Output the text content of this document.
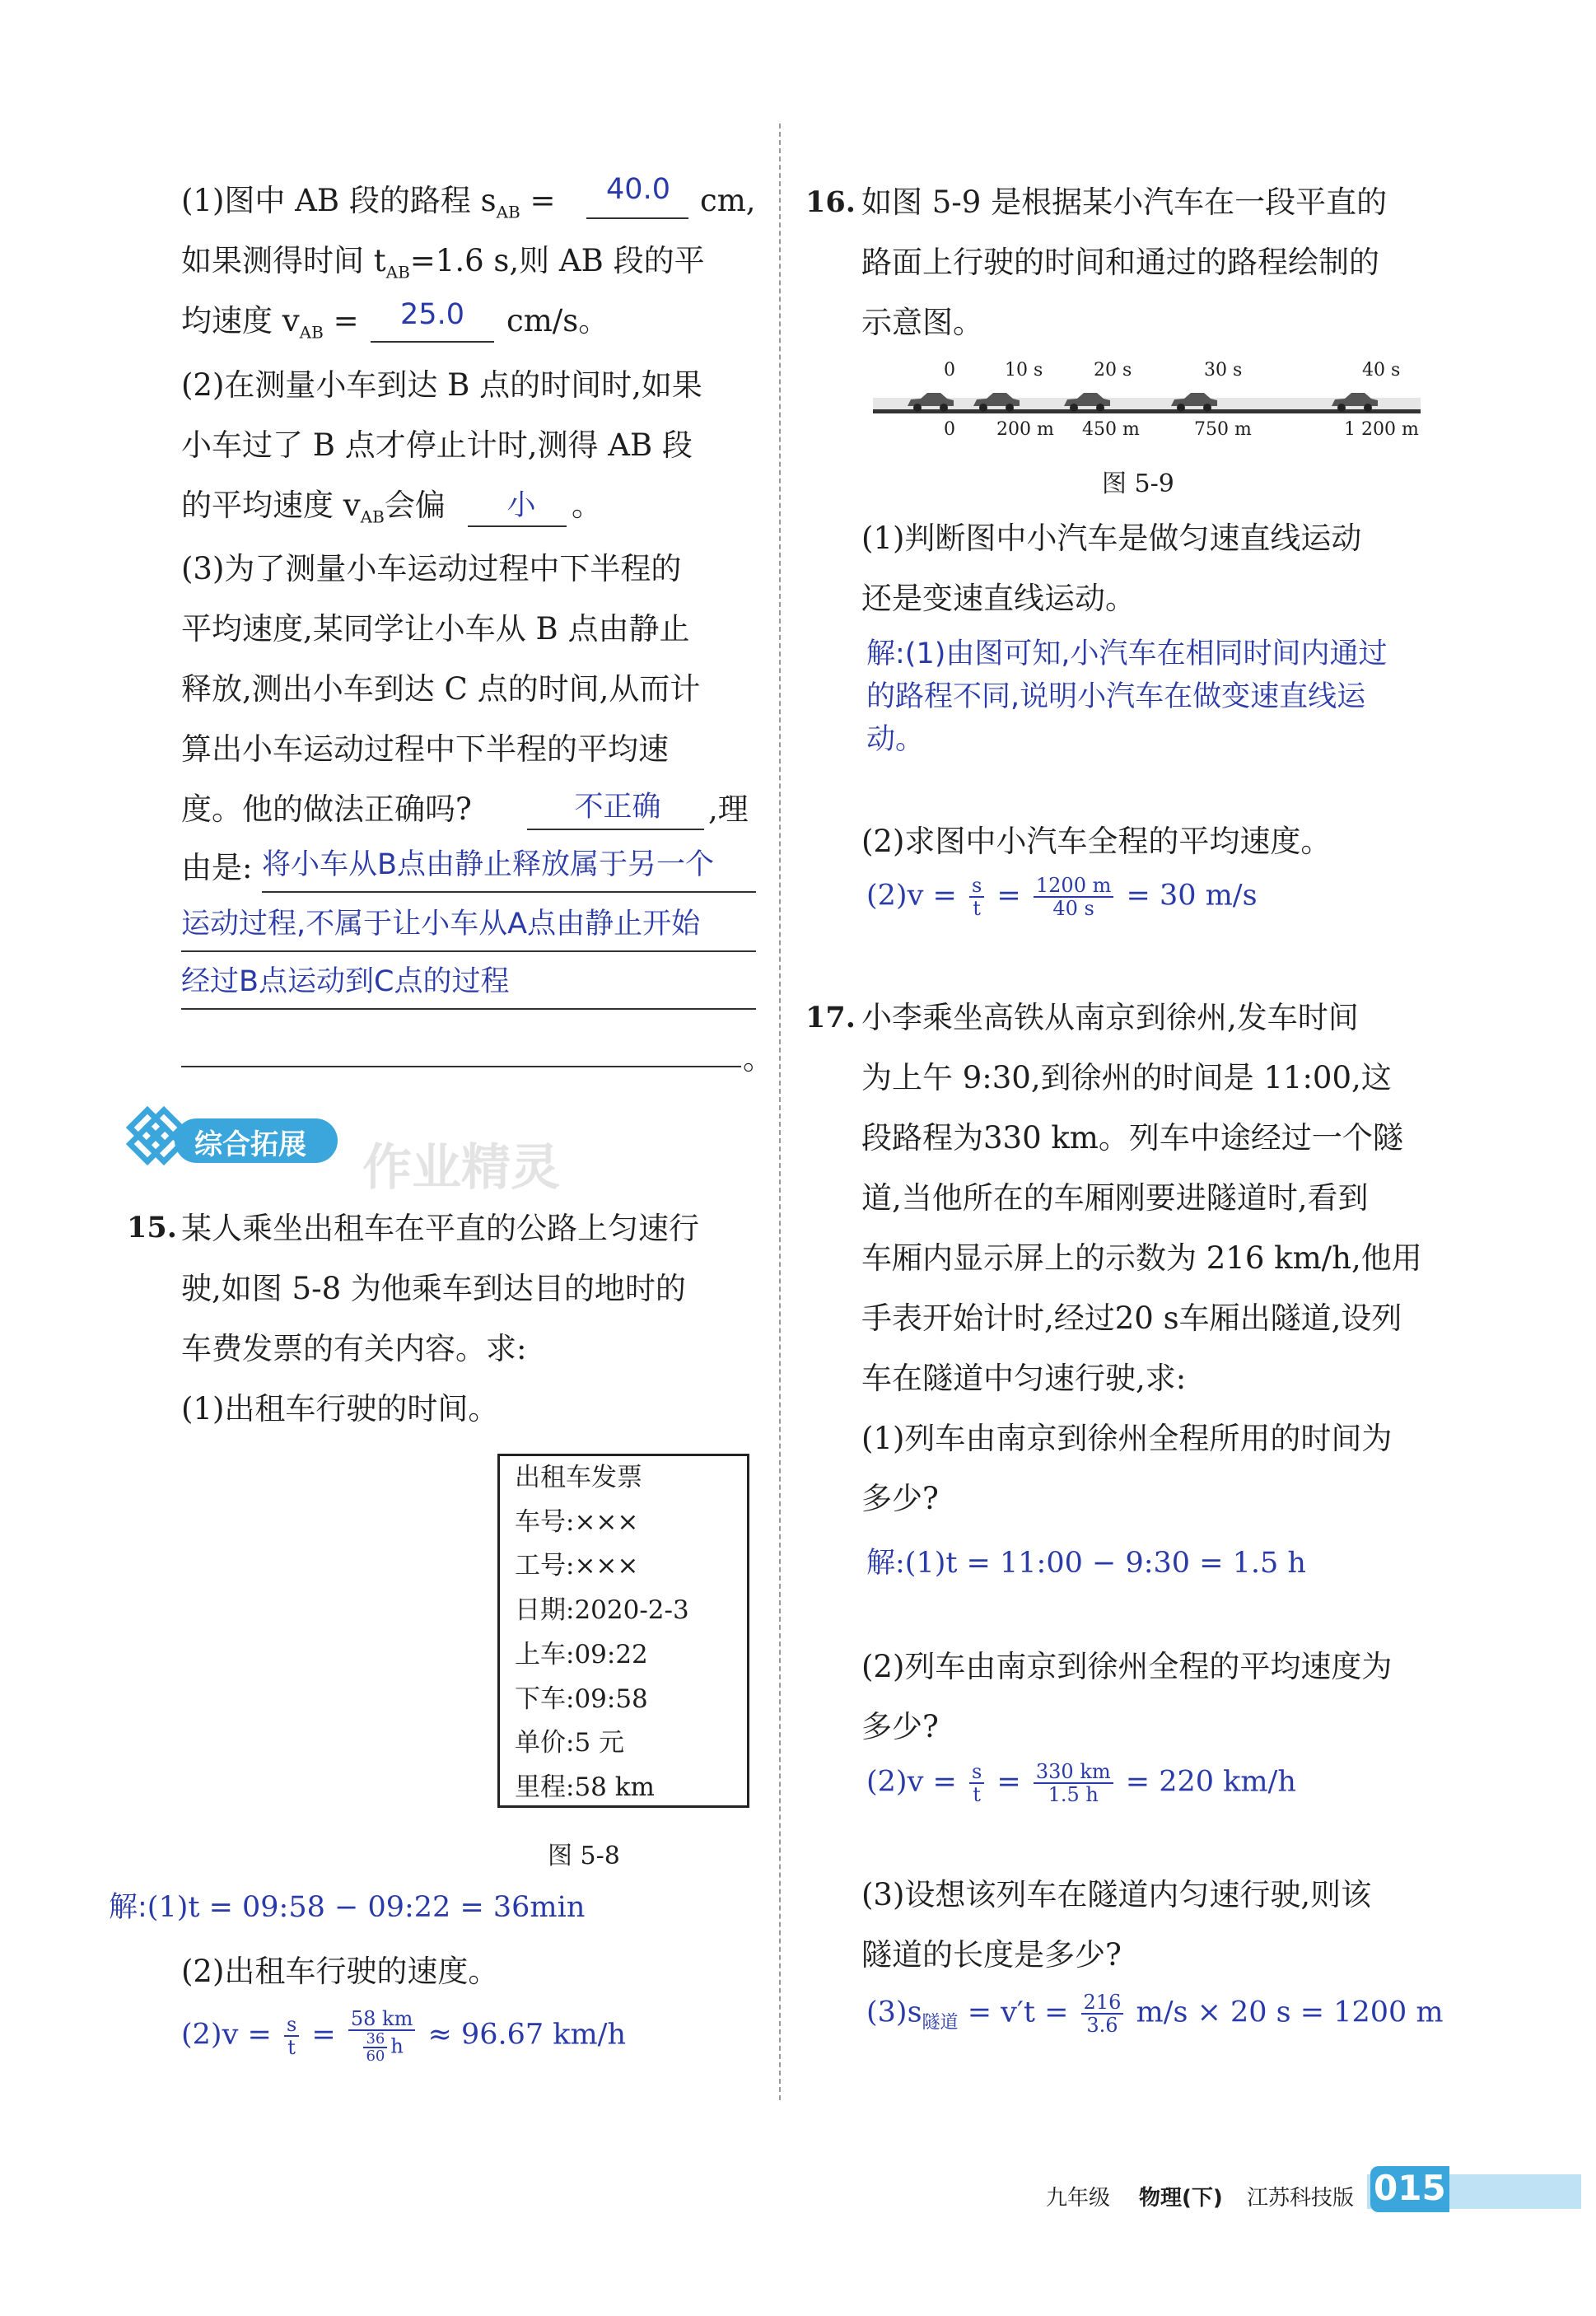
(1)图中 AB 段的路程 $s_{AB}$ =	40.0 cm,
如果测得时间 $t_{AB}=1.6$ s,则 AB 段的平
均速度 $v_{AB}$ =	25.0	cm/s。
(2)在测量小车到达 B 点的时间时,如果
小车过了 B 点才停止计时,测得 AB 段
的平均速度 $v_{AB}$会偏	小	。
(3)为了测量小车运动过程中下半程的
平均速度,某同学让小车从 B 点由静止
释放,测出小车到达 C 点的时间,从而计
算出小车运动过程中下半程的平均速
度。他的做法正确吗?	不正确	,理
由是: 将小车从B点由静止释放属于另一个
运动过程,不属于让小车从A点由静止开始
经过B点运动到C点的过程
。
综合拓展 作业精灵
15. 某人乘坐出租车在平直的公路上匀速行
驶,如图 5-8 为他乘车到达目的地时的
车费发票的有关内容。求:
(1)出租车行驶的时间。
出租车发票
车号:×××
工号:×××
日期:2020-2-3
上车:09:22
下车:09:58
单价:5 元
里程:58 km
图 5-8
解:(1)t = 09:58 − 09:22 = 36min
(2)出租车行驶的速度。
$(2)v = \frac{s}{t} = \frac{58 km}{\frac{36}{60} h} \approx 96.67$ km/h
16. 如图 5-9 是根据某小汽车在一段平直的
路面上行驶的时间和通过的路程绘制的
示意图。
0	10 s	20 s	30 s	40 s
0 200 m 450 m	750 m	1 200 m
图 5-9
(1)判断图中小汽车是做匀速直线运动
还是变速直线运动。
解:(1)由图可知,小汽车在相同时间内通过
的路程不同,说明小汽车在做变速直线运
动。
(2)求图中小汽车全程的平均速度。
$(2)v = \frac{s}{t} = \frac{1200 m}{40 s} = 30$ m/s
17. 小李乘坐高铁从南京到徐州,发车时间
为上午 9:30,到徐州的时间是 11:00,这
段路程为330 km。列车中途经过一个隧
道,当他所在的车厢刚要进隧道时,看到
车厢内显示屏上的示数为 216 km/h,他用
手表开始计时,经过20 s车厢出隧道,设列
车在隧道中匀速行驶,求:
(1)列车由南京到徐州全程所用的时间为
多少?
解:(1)t = 11:00 − 9:30 = 1.5 h
(2)列车由南京到徐州全程的平均速度为
多少?
$(2)v = \frac{s}{t} = \frac{330 km}{1.5 h} = 220$ km/h
(3)设想该列车在隧道内匀速行驶,则该
隧道的长度是多少?
$(3)s_{隧道} = v't = \frac{216}{3.6} m/s \times 20$ s = 1200 m
九年级 物理(下) 江苏科技版 015
